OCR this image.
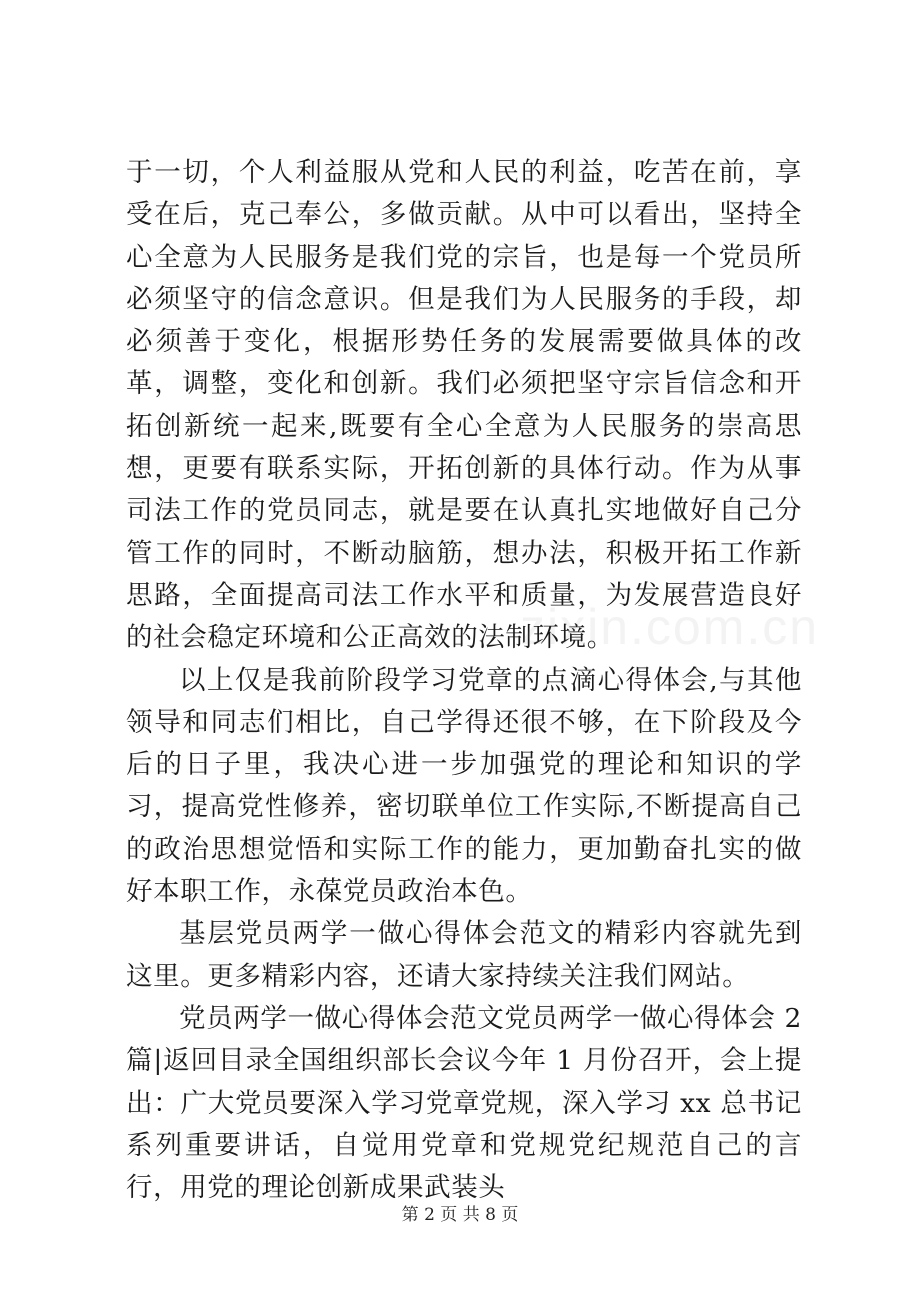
于一切，个人利益服从党和人民的利益，吃苦在前，享受在后，克己奉公，多做贡献。从中可以看出，坚持全心全意为人民服务是我们党的宗旨，也是每一个党员所必须坚守的信念意识。但是我们为人民服务的手段，却必须善于变化，根据形势任务的发展需要做具体的改革，调整，变化和创新。我们必须把坚守宗旨信念和开拓创新统一起来,既要有全心全意为人民服务的崇高思想，更要有联系实际，开拓创新的具体行动。作为从事司法工作的党员同志，就是要在认真扎实地做好自己分管工作的同时，不断动脑筋，想办法，积极开拓工作新思路，全面提高司法工作水平和质量，为发展营造良好的社会稳定环境和公正高效的法制环境。

以上仅是我前阶段学习党章的点滴心得体会,与其他领导和同志们相比，自己学得还很不够，在下阶段及今后的日子里，我决心进一步加强党的理论和知识的学习，提高党性修养，密切联单位工作实际,不断提高自己的政治思想觉悟和实际工作的能力，更加勤奋扎实的做好本职工作，永葆党员政治本色。

基层党员两学一做心得体会范文的精彩内容就先到这里。更多精彩内容，还请大家持续关注我们网站。

党员两学一做心得体会范文党员两学一做心得体会 2 篇|返回目录全国组织部长会议今年 1 月份召开，会上提出：广大党员要深入学习党章党规，深入学习 xx 总书记系列重要讲话，自觉用党章和党规党纪规范自己的言行，用党的理论创新成果武装头

zixin.com.cn
第 2 页 共 8 页
